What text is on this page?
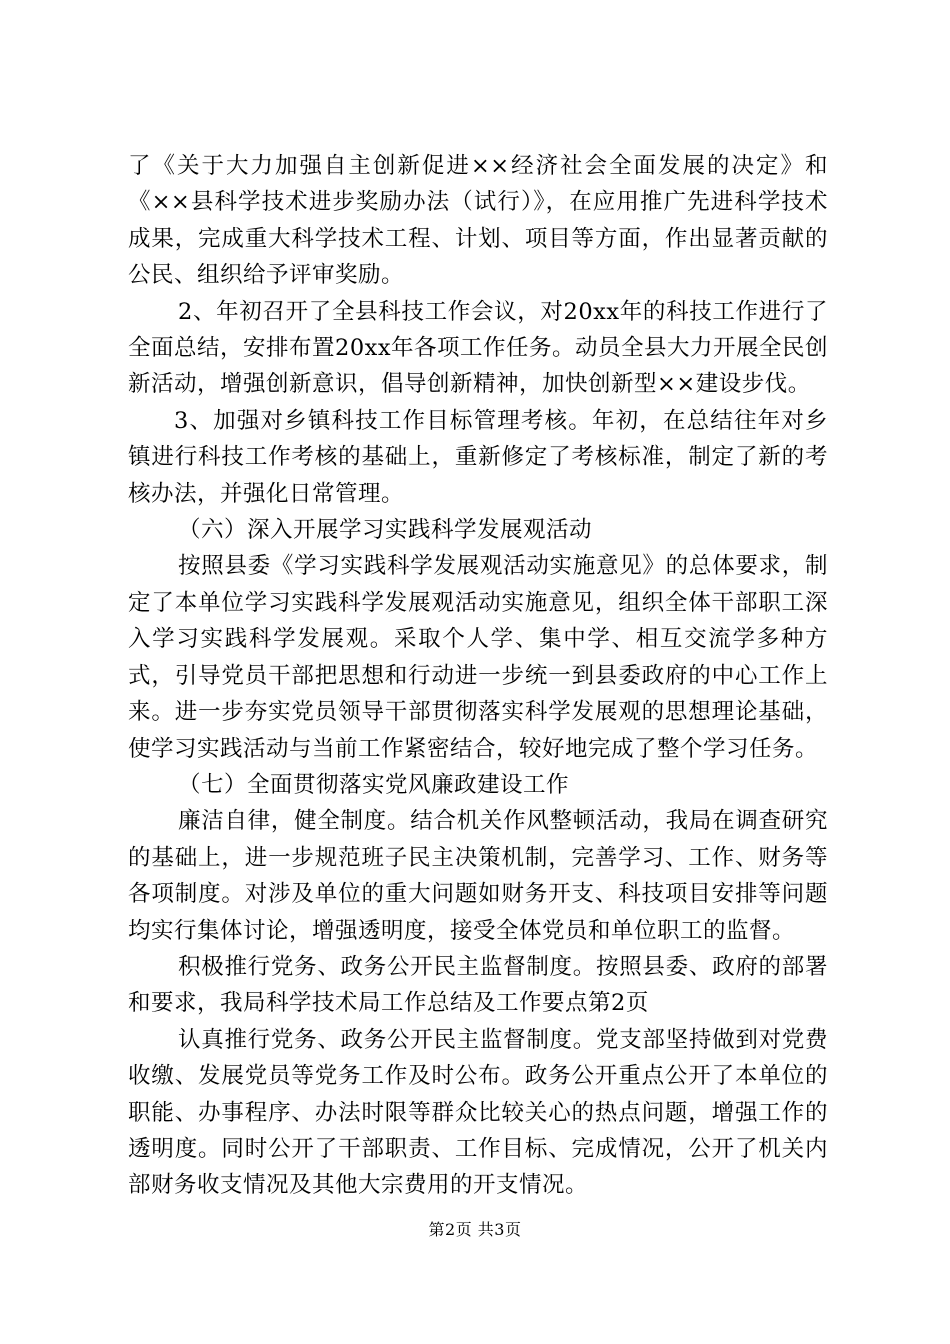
了《关于大力加强自主创新促进××经济社会全面发展的决定》和《××县科学技术进步奖励办法（试行）》，在应用推广先进科学技术成果，完成重大科学技术工程、计划、项目等方面，作出显著贡献的公民、组织给予评审奖励。

2、年初召开了全县科技工作会议，对20xx年的科技工作进行了全面总结，安排布置20xx年各项工作任务。动员全县大力开展全民创新活动，增强创新意识，倡导创新精神，加快创新型××建设步伐。

3、加强对乡镇科技工作目标管理考核。年初，在总结往年对乡镇进行科技工作考核的基础上，重新修定了考核标准，制定了新的考核办法，并强化日常管理。

（六）深入开展学习实践科学发展观活动

按照县委《学习实践科学发展观活动实施意见》的总体要求，制定了本单位学习实践科学发展观活动实施意见，组织全体干部职工深入学习实践科学发展观。采取个人学、集中学、相互交流学多种方式，引导党员干部把思想和行动进一步统一到县委政府的中心工作上来。进一步夯实党员领导干部贯彻落实科学发展观的思想理论基础，使学习实践活动与当前工作紧密结合，较好地完成了整个学习任务。

（七）全面贯彻落实党风廉政建设工作

廉洁自律，健全制度。结合机关作风整顿活动，我局在调查研究的基础上，进一步规范班子民主决策机制，完善学习、工作、财务等各项制度。对涉及单位的重大问题如财务开支、科技项目安排等问题均实行集体讨论，增强透明度，接受全体党员和单位职工的监督。

积极推行党务、政务公开民主监督制度。按照县委、政府的部署和要求，我局科学技术局工作总结及工作要点第2页

认真推行党务、政务公开民主监督制度。党支部坚持做到对党费收缴、发展党员等党务工作及时公布。政务公开重点公开了本单位的职能、办事程序、办法时限等群众比较关心的热点问题，增强工作的透明度。同时公开了干部职责、工作目标、完成情况，公开了机关内部财务收支情况及其他大宗费用的开支情况。

第2页 共3页
